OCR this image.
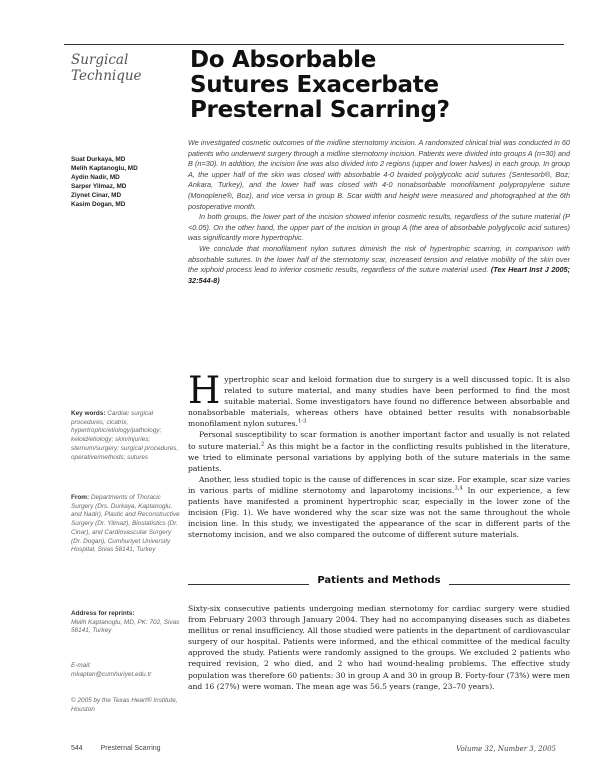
Surgical
Technique
Do Absorbable
Sutures Exacerbate
Presternal Scarring?
Suat Durkaya, MD
Melih Kaptanoglu, MD
Aydin Nadir, MD
Sarper Yilmaz, MD
Ziynet Cinar, MD
Kasim Dogan, MD

We investigated cosmetic outcomes of the midline sternotomy incision. A randomized clinical trial was conducted in 60 patients who underwent surgery through a midline sternotomy incision. Patients were divided into groups A (n=30) and B (n=30). In addition, the incision line was also divided into 2 regions (upper and lower halves) in each group. In group A, the upper half of the skin was closed with absorbable 4-0 braided polyglycolic acid sutures (Sentesorb®, Boz; Ankara, Turkey), and the lower half was closed with 4-0 nonabsorbable monofilament polypropylene suture (Monoplene®, Boz), and vice versa in group B. Scar width and height were measured and photographed at the 6th postoperative month.

In both groups, the lower part of the incision showed inferior cosmetic results, regardless of the suture material (P <0.05). On the other hand, the upper part of the incision in group A (the area of absorbable polyglycolic acid sutures) was significantly more hypertrophic.

We conclude that monofilament nylon sutures diminish the risk of hypertrophic scarring, in comparison with absorbable sutures. In the lower half of the sternotomy scar, increased tension and relative mobility of the skin over the xiphoid process lead to inferior cosmetic results, regardless of the suture material used. (Tex Heart Inst J 2005; 32:544-8)

Key words: Cardiac surgical procedures; cicatrix, hypertrophic/etiology/pathology; keloid/etiology; skin/injuries; sternum/surgery; surgical procedures, operative/methods; sutures
From: Departments of Thoracic Surgery (Drs. Durkaya, Kaptanoglu, and Nadir), Plastic and Reconstructive Surgery (Dr. Yilmaz), Biostatistics (Dr. Cinar), and Cardiovascular Surgery (Dr. Dogan), Cumhuriyet University Hospital, Sivas 58141, Turkey
Address for reprints:
Melih Kaptanoglu, MD, PK: 702, Sivas 58141, Turkey
E-mail:
mkaptan@cumhuriyet.edu.tr
© 2005 by the Texas Heart® Institute, Houston

Hypertrophic scar and keloid formation due to surgery is a well discussed topic. It is also related to suture material, and many studies have been performed to find the most suitable material. Some investigators have found no difference between absorbable and nonabsorbable materials, whereas others have obtained better results with nonabsorbable monofilament nylon sutures.$^{1-3}$

Personal susceptibility to scar formation is another important factor and usually is not related to suture material.$^2$ As this might be a factor in the conflicting results published in the literature, we tried to eliminate personal variations by applying both of the suture materials in the same patients.

Another, less studied topic is the cause of differences in scar size. For example, scar size varies in various parts of midline sternotomy and laparotomy incisions.$^{3,4}$ In our experience, a few patients have manifested a prominent hypertrophic scar, especially in the lower zone of the incision (Fig. 1). We have wondered why the scar size was not the same throughout the whole incision line. In this study, we investigated the appearance of the scar in different parts of the sternotomy incision, and we also compared the outcome of different suture materials.

Patients and Methods

Sixty-six consecutive patients undergoing median sternotomy for cardiac surgery were studied from February 2003 through January 2004. They had no accompanying diseases such as diabetes mellitus or renal insufficiency. All those studied were patients in the department of cardiovascular surgery of our hospital. Patients were informed, and the ethical committee of the medical faculty approved the study. Patients were randomly assigned to the groups. We excluded 2 patients who required revision, 2 who died, and 2 who had wound-healing problems. The effective study population was therefore 60 patients: 30 in group A and 30 in group B. Forty-four (73%) were men and 16 (27%) were woman. The mean age was 56.5 years (range, 23–70 years).

544	Presternal Scarring	Volume 32, Number 3, 2005
